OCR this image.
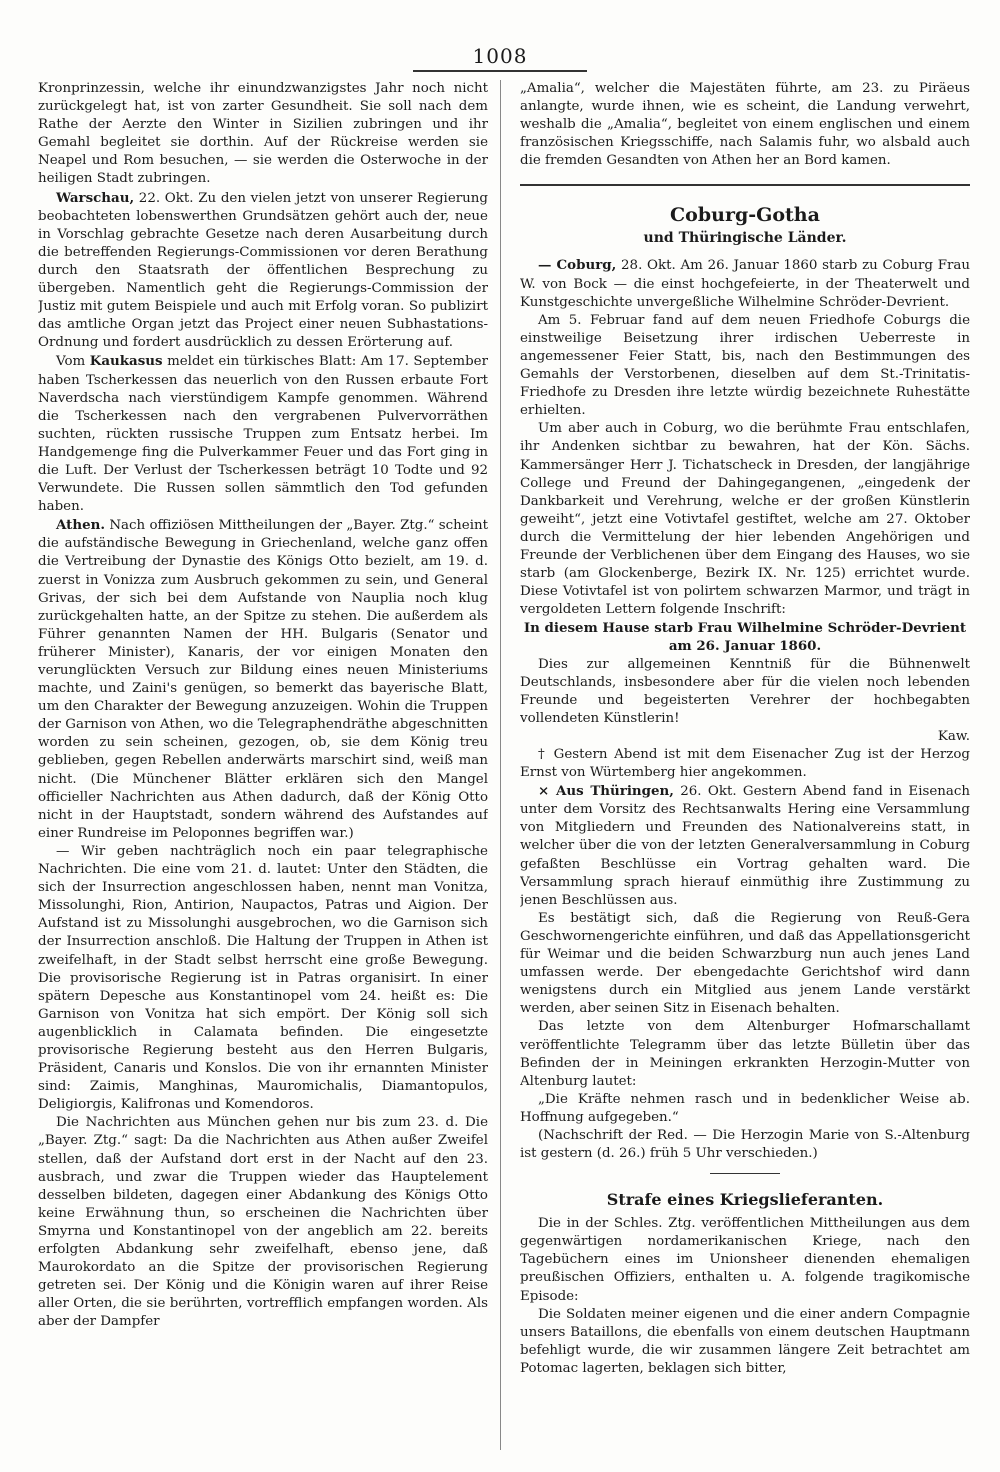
1008

Kronprinzessin, welche ihr einundzwanzigstes Jahr noch nicht zurückgelegt hat, ist von zarter Gesundheit. Sie soll nach dem Rathe der Aerzte den Winter in Sizilien zubringen und ihr Gemahl begleitet sie dorthin. Auf der Rückreise werden sie Neapel und Rom besuchen, — sie werden die Osterwoche in der heiligen Stadt zubringen.

Warschau, 22. Okt. Zu den vielen jetzt von unserer Regierung beobachteten lobenswerthen Grundsätzen gehört auch der, neue in Vorschlag gebrachte Gesetze nach deren Ausarbeitung durch die betreffenden Regierungs-Commissionen vor deren Berathung durch den Staatsrath der öffentlichen Besprechung zu übergeben. Namentlich geht die Regierungs-Commission der Justiz mit gutem Beispiele und auch mit Erfolg voran. So publizirt das amtliche Organ jetzt das Project einer neuen Subhastations-Ordnung und fordert ausdrücklich zu dessen Erörterung auf.

Vom Kaukasus meldet ein türkisches Blatt: Am 17. September haben Tscherkessen das neuerlich von den Russen erbaute Fort Naverdscha nach vierstündigem Kampfe genommen. Während die Tscherkessen nach den vergrabenen Pulvervorräthen suchten, rückten russische Truppen zum Entsatz herbei. Im Handgemenge fing die Pulverkammer Feuer und das Fort ging in die Luft. Der Verlust der Tscherkessen beträgt 10 Todte und 92 Verwundete. Die Russen sollen sämmtlich den Tod gefunden haben.

Athen. Nach offiziösen Mittheilungen der „Bayer. Ztg.“ scheint die aufständische Bewegung in Griechenland, welche ganz offen die Vertreibung der Dynastie des Königs Otto bezielt, am 19. d. zuerst in Vonizza zum Ausbruch gekommen zu sein, und General Grivas, der sich bei dem Aufstande von Nauplia noch klug zurückgehalten hatte, an der Spitze zu stehen. Die außerdem als Führer genannten Namen der HH. Bulgaris (Senator und früherer Minister), Kanaris, der vor einigen Monaten den verunglückten Versuch zur Bildung eines neuen Ministeriums machte, und Zaini's genügen, so bemerkt das bayerische Blatt, um den Charakter der Bewegung anzuzeigen. Wohin die Truppen der Garnison von Athen, wo die Telegraphendräthe abgeschnitten worden zu sein scheinen, gezogen, ob, sie dem König treu geblieben, gegen Rebellen anderwärts marschirt sind, weiß man nicht. (Die Münchener Blätter erklären sich den Mangel officieller Nachrichten aus Athen dadurch, daß der König Otto nicht in der Hauptstadt, sondern während des Aufstandes auf einer Rundreise im Peloponnes begriffen war.)

— Wir geben nachträglich noch ein paar telegraphische Nachrichten. Die eine vom 21. d. lautet: Unter den Städten, die sich der Insurrection angeschlossen haben, nennt man Vonitza, Missolunghi, Rion, Antirion, Naupactos, Patras und Aigion. Der Aufstand ist zu Missolunghi ausgebrochen, wo die Garnison sich der Insurrection anschloß. Die Haltung der Truppen in Athen ist zweifelhaft, in der Stadt selbst herrscht eine große Bewegung. Die provisorische Regierung ist in Patras organisirt. In einer spätern Depesche aus Konstantinopel vom 24. heißt es: Die Garnison von Vonitza hat sich empört. Der König soll sich augenblicklich in Calamata befinden. Die eingesetzte provisorische Regierung besteht aus den Herren Bulgaris, Präsident, Canaris und Konslos. Die von ihr ernannten Minister sind: Zaimis, Manghinas, Mauromichalis, Diamantopulos, Deligiorgis, Kalifronas und Komendoros.

Die Nachrichten aus München gehen nur bis zum 23. d. Die „Bayer. Ztg.“ sagt: Da die Nachrichten aus Athen außer Zweifel stellen, daß der Aufstand dort erst in der Nacht auf den 23. ausbrach, und zwar die Truppen wieder das Hauptelement desselben bildeten, dagegen einer Abdankung des Königs Otto keine Erwähnung thun, so erscheinen die Nachrichten über Smyrna und Konstantinopel von der angeblich am 22. bereits erfolgten Abdankung sehr zweifelhaft, ebenso jene, daß Maurokordato an die Spitze der provisorischen Regierung getreten sei. Der König und die Königin waren auf ihrer Reise aller Orten, die sie berührten, vortrefflich empfangen worden. Als aber der Dampfer

„Amalia“, welcher die Majestäten führte, am 23. zu Piräeus anlangte, wurde ihnen, wie es scheint, die Landung verwehrt, weshalb die „Amalia“, begleitet von einem englischen und einem französischen Kriegsschiffe, nach Salamis fuhr, wo alsbald auch die fremden Gesandten von Athen her an Bord kamen.

Coburg-Gotha

und Thüringische Länder.

— Coburg, 28. Okt. Am 26. Januar 1860 starb zu Coburg Frau W. von Bock — die einst hochgefeierte, in der Theaterwelt und Kunstgeschichte unvergeßliche Wilhelmine Schröder-Devrient.

Am 5. Februar fand auf dem neuen Friedhofe Coburgs die einstweilige Beisetzung ihrer irdischen Ueberreste in angemessener Feier Statt, bis, nach den Bestimmungen des Gemahls der Verstorbenen, dieselben auf dem St.-Trinitatis-Friedhofe zu Dresden ihre letzte würdig bezeichnete Ruhestätte erhielten.

Um aber auch in Coburg, wo die berühmte Frau entschlafen, ihr Andenken sichtbar zu bewahren, hat der Kön. Sächs. Kammersänger Herr J. Tichatscheck in Dresden, der langjährige College und Freund der Dahingegangenen, „eingedenk der Dankbarkeit und Verehrung, welche er der großen Künstlerin geweiht“, jetzt eine Votivtafel gestiftet, welche am 27. Oktober durch die Vermittelung der hier lebenden Angehörigen und Freunde der Verblichenen über dem Eingang des Hauses, wo sie starb (am Glockenberge, Bezirk IX. Nr. 125) errichtet wurde. Diese Votivtafel ist von polirtem schwarzen Marmor, und trägt in vergoldeten Lettern folgende Inschrift:

In diesem Hause starb Frau Wilhelmine Schröder-Devrient am 26. Januar 1860.

Dies zur allgemeinen Kenntniß für die Bühnenwelt Deutschlands, insbesondere aber für die vielen noch lebenden Freunde und begeisterten Verehrer der hochbegabten vollendeten Künstlerin!

Kaw.

† Gestern Abend ist mit dem Eisenacher Zug ist der Herzog Ernst von Würtemberg hier angekommen.

× Aus Thüringen, 26. Okt. Gestern Abend fand in Eisenach unter dem Vorsitz des Rechtsanwalts Hering eine Versammlung von Mitgliedern und Freunden des Nationalvereins statt, in welcher über die von der letzten Generalversammlung in Coburg gefaßten Beschlüsse ein Vortrag gehalten ward. Die Versammlung sprach hierauf einmüthig ihre Zustimmung zu jenen Beschlüssen aus.

Es bestätigt sich, daß die Regierung von Reuß-Gera Geschwornengerichte einführen, und daß das Appellationsgericht für Weimar und die beiden Schwarzburg nun auch jenes Land umfassen werde. Der ebengedachte Gerichtshof wird dann wenigstens durch ein Mitglied aus jenem Lande verstärkt werden, aber seinen Sitz in Eisenach behalten.

Das letzte von dem Altenburger Hofmarschallamt veröffentlichte Telegramm über das letzte Bülletin über das Befinden der in Meiningen erkrankten Herzogin-Mutter von Altenburg lautet:

„Die Kräfte nehmen rasch und in bedenklicher Weise ab. Hoffnung aufgegeben.“

(Nachschrift der Red. — Die Herzogin Marie von S.-Altenburg ist gestern (d. 26.) früh 5 Uhr verschieden.)

Strafe eines Kriegslieferanten.

Die in der Schles. Ztg. veröffentlichen Mittheilungen aus dem gegenwärtigen nordamerikanischen Kriege, nach den Tagebüchern eines im Unionsheer dienenden ehemaligen preußischen Offiziers, enthalten u. A. folgende tragikomische Episode:

Die Soldaten meiner eigenen und die einer andern Compagnie unsers Bataillons, die ebenfalls von einem deutschen Hauptmann befehligt wurde, die wir zusammen längere Zeit betrachtet am Potomac lagerten, beklagen sich bitter,
